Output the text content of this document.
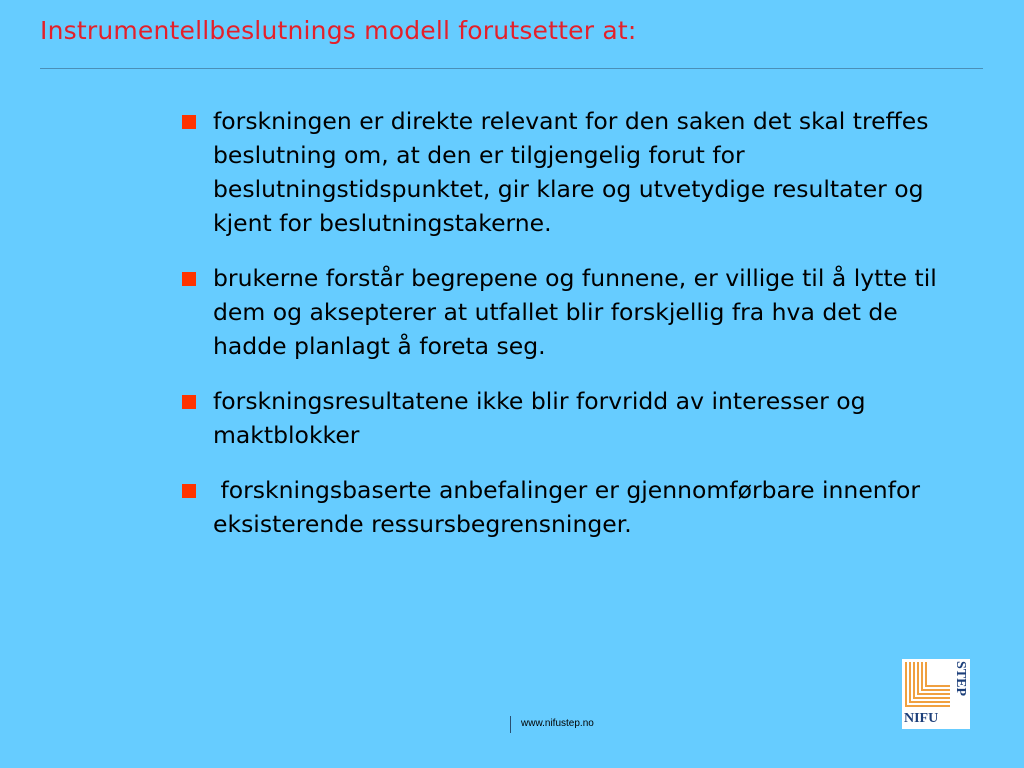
Instrumentellbeslutnings modell forutsetter at:
forskningen er direkte relevant for den saken det skal treffes beslutning om, at den er tilgjengelig forut for beslutningstidspunktet, gir klare og utvetydige resultater og kjent for beslutningstakerne.
brukerne forstår begrepene og funnene, er villige til å lytte til dem og aksepterer at utfallet blir forskjellig fra hva det de hadde planlagt å foreta seg.
forskningsresultatene ikke blir forvridd av interesser og maktblokker
forskningsbaserte anbefalinger er gjennomførbare innenfor eksisterende ressursbegrensninger.
www.nifustep.no	NIFU
STEP
